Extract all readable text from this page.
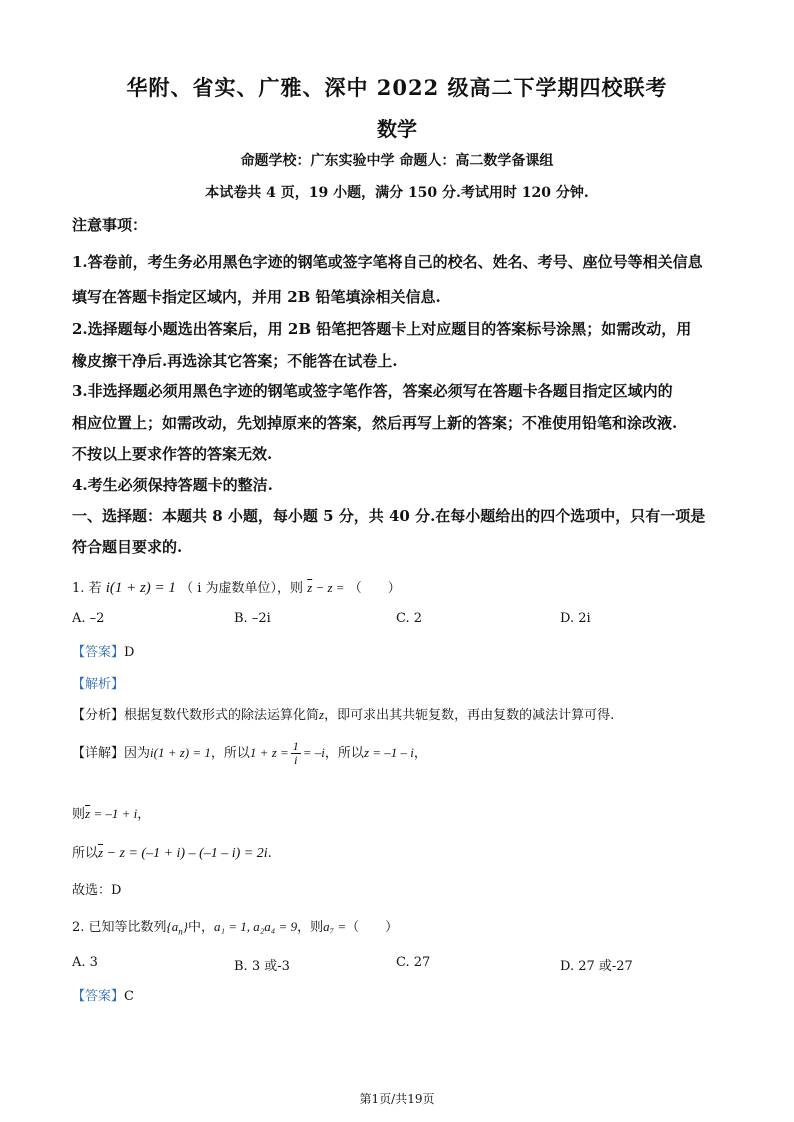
华附、省实、广雅、深中 2022 级高二下学期四校联考
数学
命题学校：广东实验中学 命题人：高二数学备课组
本试卷共 4 页，19 小题，满分 150 分.考试用时 120 分钟.
注意事项：
1.答卷前，考生务必用黑色字迹的钢笔或签字笔将自己的校名、姓名、考号、座位号等相关信息
填写在答题卡指定区域内，并用 2B 铅笔填涂相关信息.
2.选择题每小题选出答案后，用 2B 铅笔把答题卡上对应题目的答案标号涂黑；如需改动，用
橡皮擦干净后.再选涂其它答案；不能答在试卷上.
3.非选择题必须用黑色字迹的钢笔或签字笔作答，答案必须写在答题卡各题目指定区域内的
相应位置上；如需改动，先划掉原来的答案，然后再写上新的答案；不准使用铅笔和涂改液.
不按以上要求作答的答案无效.
4.考生必须保持答题卡的整洁.
一、选择题：本题共 8 小题，每小题 5 分，共 40 分.在每小题给出的四个选项中，只有一项是
符合题目要求的.
1. 若 i(1 + z) = 1 （ i 为虚数单位），则 $\overline{z} - z$ = （　　）
A. –2	B. –2i	C. 2	D. 2i
【答案】D
【解析】
【分析】根据复数代数形式的除法运算化简z，即可求出其共轭复数，再由复数的减法计算可得.
【详解】因为i(1 + z) = 1，所以$1 + z = \frac{1}{i} = -i$，所以z = –1 – i，
则$\overline{z} = -1 + i$，
所以$\overline{z} - z = (-1 + i) - (-1 - i) = 2i$.
故选：D
2. 已知等比数列$\{a_n\}$中，a₁ = 1, a₂a₄ = 9，则a₇ =（　　）
A. 3	B. 3 或-3	C. 27	D. 27 或-27
【答案】C
第1页/共19页
